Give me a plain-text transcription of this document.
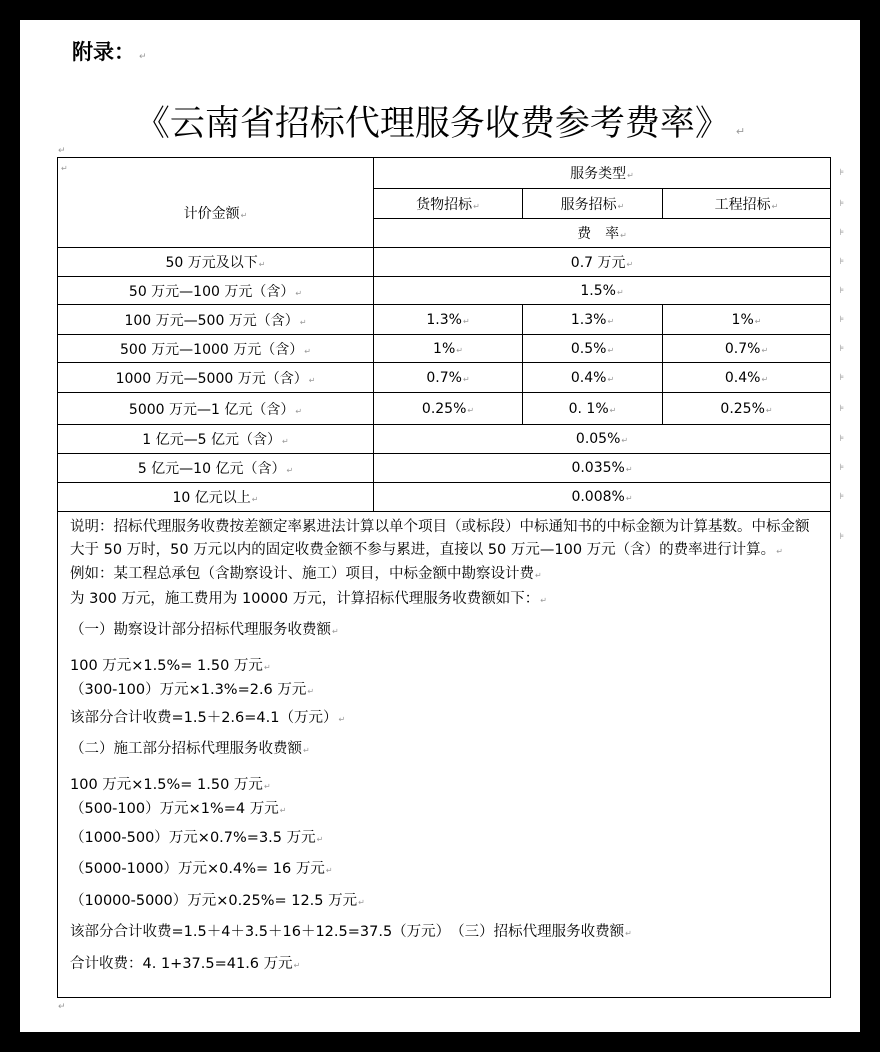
附录： ↵
《云南省招标代理服务收费参考费率》 ↵
↵
↵
计价金额$_↵$	服务类型↵ ⊧		

	货物招标↵	服务招标↵	工程招标↵ ⊧

	费　率↵ ⊧		

50 万元及以下↵	0.7 万元↵ ⊧		

50 万元—100 万元（含）↵	1.5%↵ ⊧		

100 万元—500 万元（含）↵	1.3%↵	1.3%↵	1%↵ ⊧

500 万元—1000 万元（含）↵	1%↵	0.5%↵	0.7%↵ ⊧

1000 万元—5000 万元（含）↵	0.7%↵	0.4%↵	0.4%↵ ⊧

5000 万元—1 亿元（含）↵	0.25%↵	0. 1%↵	0.25%↵ ⊧

1 亿元—5 亿元（含）↵	0.05%↵ ⊧		

5 亿元—10 亿元（含）↵	0.035%↵ ⊧		

10 亿元以上↵	0.008%↵ ⊧		

⊧

说明：招标代理服务收费按差额定率累进法计算以单个项目（或标段）中标通知书的中标金额为计算基数。中标金额大于 50 万时，50 万元以内的固定收费金额不参与累进，直接以 50 万元—100 万元（含）的费率进行计算。↵

例如：某工程总承包（含勘察设计、施工）项目，中标金额中勘察设计费↵

为 300 万元，施工费用为 10000 万元，计算招标代理服务收费额如下：↵

（一）勘察设计部分招标代理服务收费额↵

100 万元×1.5%= 1.50 万元↵

（300-100）万元×1.3%=2.6 万元↵

该部分合计收费=1.5＋2.6=4.1（万元）↵

（二）施工部分招标代理服务收费额↵

100 万元×1.5%= 1.50 万元↵

（500-100）万元×1%=4 万元↵

（1000-500）万元×0.7%=3.5 万元↵

（5000-1000）万元×0.4%= 16 万元↵

（10000-5000）万元×0.25%= 12.5 万元↵

该部分合计收费=1.5＋4＋3.5＋16＋12.5=37.5（万元）　 （三）招标代理服务收费额↵

合计收费：4. 1+37.5=41.6 万元↵

↵
